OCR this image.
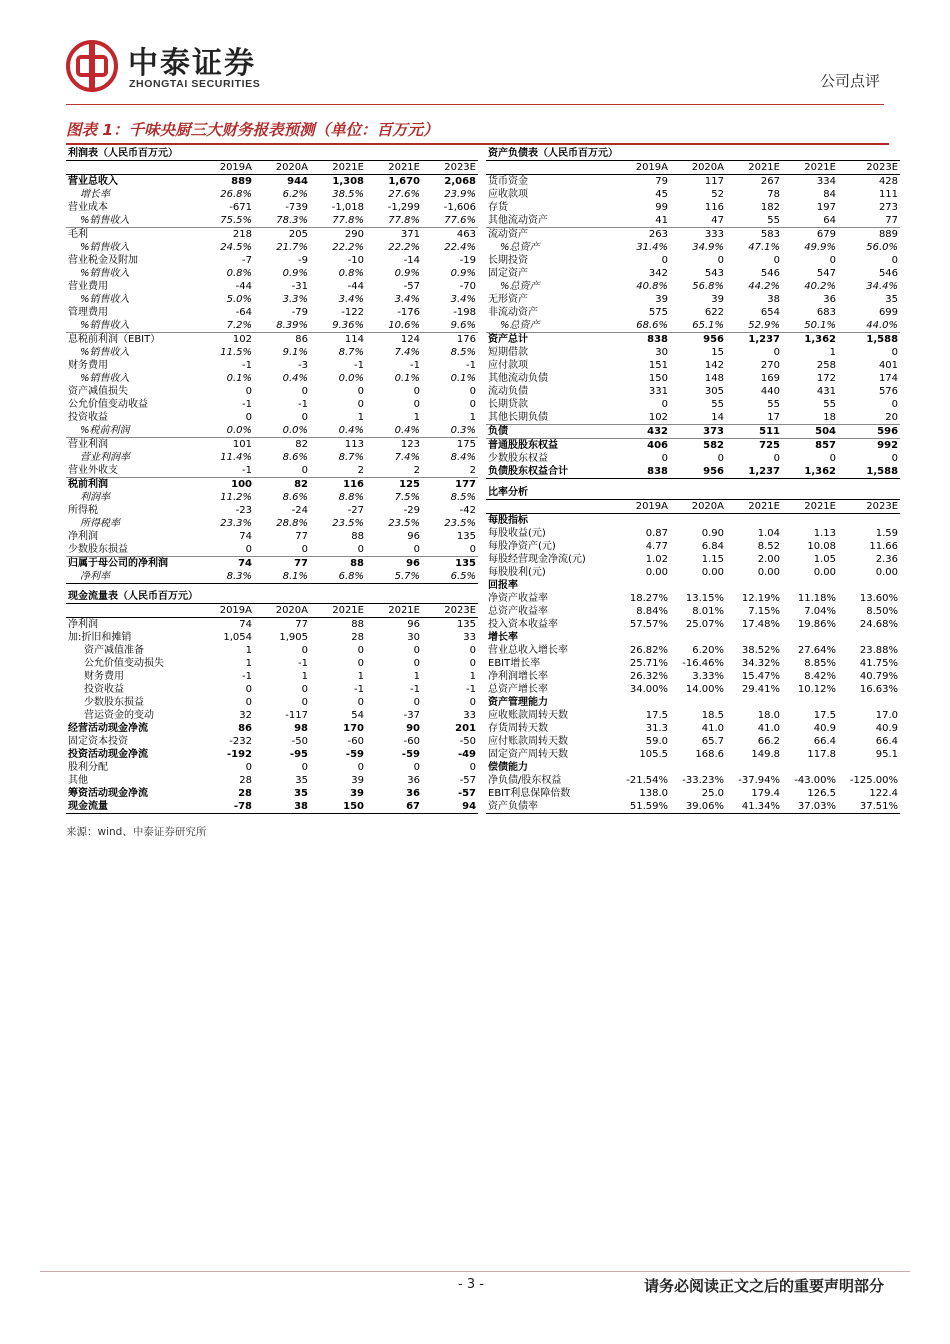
中泰证券
ZHONGTAI SECURITIES	公司点评
图表 1：千味央厨三大财务报表预测（单位：百万元）
利润表（人民币百万元）					
	2019A	2020A	2021E	2021E	2023E
营业总收入	889	944	1,308	1,670	2,068
增长率	26.8%	6.2%	38.5%	27.6%	23.9%
营业成本	-671	-739	-1,018	-1,299	-1,606
%销售收入	75.5%	78.3%	77.8%	77.8%	77.6%
毛利	218	205	290	371	463
%销售收入	24.5%	21.7%	22.2%	22.2%	22.4%
营业税金及附加	-7	-9	-10	-14	-19
%销售收入	0.8%	0.9%	0.8%	0.9%	0.9%
营业费用	-44	-31	-44	-57	-70
%销售收入	5.0%	3.3%	3.4%	3.4%	3.4%
管理费用	-64	-79	-122	-176	-198
%销售收入	7.2%	8.39%	9.36%	10.6%	9.6%
息税前利润（EBIT）	102	86	114	124	176
%销售收入	11.5%	9.1%	8.7%	7.4%	8.5%
财务费用	-1	-3	-1	-1	-1
%销售收入	0.1%	0.4%	0.0%	0.1%	0.1%
资产减值损失	0	0	0	0	0
公允价值变动收益	-1	-1	0	0	0
投资收益	0	0	1	1	1
%税前利润	0.0%	0.0%	0.4%	0.4%	0.3%
营业利润	101	82	113	123	175
营业利润率	11.4%	8.6%	8.7%	7.4%	8.4%
营业外收支	-1	0	2	2	2
税前利润	100	82	116	125	177
利润率	11.2%	8.6%	8.8%	7.5%	8.5%
所得税	-23	-24	-27	-29	-42
所得税率	23.3%	28.8%	23.5%	23.5%	23.5%
净利润	74	77	88	96	135
少数股东损益	0	0	0	0	0
归属于母公司的净利润	74	77	88	96	135
净利率	8.3%	8.1%	6.8%	5.7%	6.5%
现金流量表（人民币百万元）					
	2019A	2020A	2021E	2021E	2023E
净利润	74	77	88	96	135
加:折旧和摊销	1,054	1,905	28	30	33
资产减值准备	1	0	0	0	0
公允价值变动损失	1	-1	0	0	0
财务费用	-1	1	1	1	1
投资收益	0	0	-1	-1	-1
少数股东损益	0	0	0	0	0
营运资金的变动	32	-117	54	-37	33
经营活动现金净流	86	98	170	90	201
固定资本投资	-232	-50	-60	-60	-50
投资活动现金净流	-192	-95	-59	-59	-49
股利分配	0	0	0	0	0
其他	28	35	39	36	-57
筹资活动现金净流	28	35	39	36	-57
现金流量	-78	38	150	67	94
资产负债表（人民币百万元）					
	2019A	2020A	2021E	2021E	2023E
货币资金	79	117	267	334	428
应收款项	45	52	78	84	111
存货	99	116	182	197	273
其他流动资产	41	47	55	64	77
流动资产	263	333	583	679	889
%总资产	31.4%	34.9%	47.1%	49.9%	56.0%
长期投资	0	0	0	0	0
固定资产	342	543	546	547	546
%总资产	40.8%	56.8%	44.2%	40.2%	34.4%
无形资产	39	39	38	36	35
非流动资产	575	622	654	683	699
%总资产	68.6%	65.1%	52.9%	50.1%	44.0%
资产总计	838	956	1,237	1,362	1,588
短期借款	30	15	0	1	0
应付款项	151	142	270	258	401
其他流动负债	150	148	169	172	174
流动负债	331	305	440	431	576
长期贷款	0	55	55	55	0
其他长期负债	102	14	17	18	20
负债	432	373	511	504	596
普通股股东权益	406	582	725	857	992
少数股东权益	0	0	0	0	0
负债股东权益合计	838	956	1,237	1,362	1,588
比率分析					
	2019A	2020A	2021E	2021E	2023E
每股指标					
每股收益(元)	0.87	0.90	1.04	1.13	1.59
每股净资产(元)	4.77	6.84	8.52	10.08	11.66
每股经营现金净流(元)	1.02	1.15	2.00	1.05	2.36
每股股利(元)	0.00	0.00	0.00	0.00	0.00
回报率					
净资产收益率	18.27%	13.15%	12.19%	11.18%	13.60%
总资产收益率	8.84%	8.01%	7.15%	7.04%	8.50%
投入资本收益率	57.57%	25.07%	17.48%	19.86%	24.68%
增长率					
营业总收入增长率	26.82%	6.20%	38.52%	27.64%	23.88%
EBIT增长率	25.71%	-16.46%	34.32%	8.85%	41.75%
净利润增长率	26.32%	3.33%	15.47%	8.42%	40.79%
总资产增长率	34.00%	14.00%	29.41%	10.12%	16.63%
资产管理能力					
应收账款周转天数	17.5	18.5	18.0	17.5	17.0
存货周转天数	31.3	41.0	41.0	40.9	40.9
应付账款周转天数	59.0	65.7	66.2	66.4	66.4
固定资产周转天数	105.5	168.6	149.8	117.8	95.1
偿债能力					
净负债/股东权益	-21.54%	-33.23%	-37.94%	-43.00%	-125.00%
EBIT利息保障倍数	138.0	25.0	179.4	126.5	122.4
资产负债率	51.59%	39.06%	41.34%	37.03%	37.51%
来源：wind、中泰证券研究所
- 3 -	请务必阅读正文之后的重要声明部分
